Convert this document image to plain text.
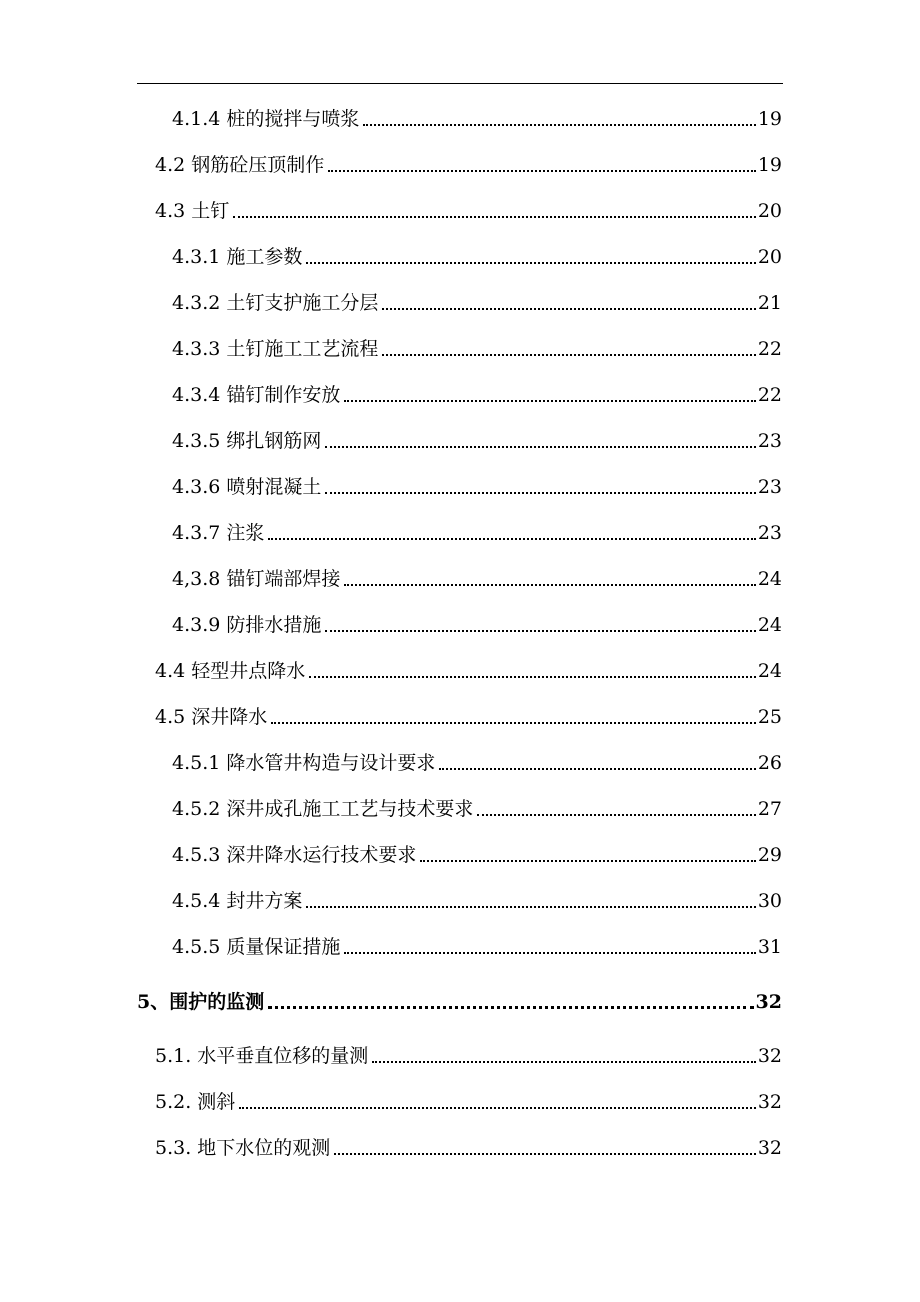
4.1.4 桩的搅拌与喷浆	19
4.2 钢筋砼压顶制作	19
4.3 土钉	20
4.3.1 施工参数	20
4.3.2 土钉支护施工分层	21
4.3.3 土钉施工工艺流程	22
4.3.4 锚钉制作安放	22
4.3.5 绑扎钢筋网	23
4.3.6 喷射混凝土	23
4.3.7 注浆	23
4,3.8 锚钉端部焊接	24
4.3.9 防排水措施	24
4.4 轻型井点降水	24
4.5 深井降水	25
4.5.1 降水管井构造与设计要求	26
4.5.2 深井成孔施工工艺与技术要求	27
4.5.3 深井降水运行技术要求	29
4.5.4 封井方案	30
4.5.5 质量保证措施	31
5、围护的监测	32
5.1. 水平垂直位移的量测	32
5.2. 测斜	32
5.3. 地下水位的观测	32
